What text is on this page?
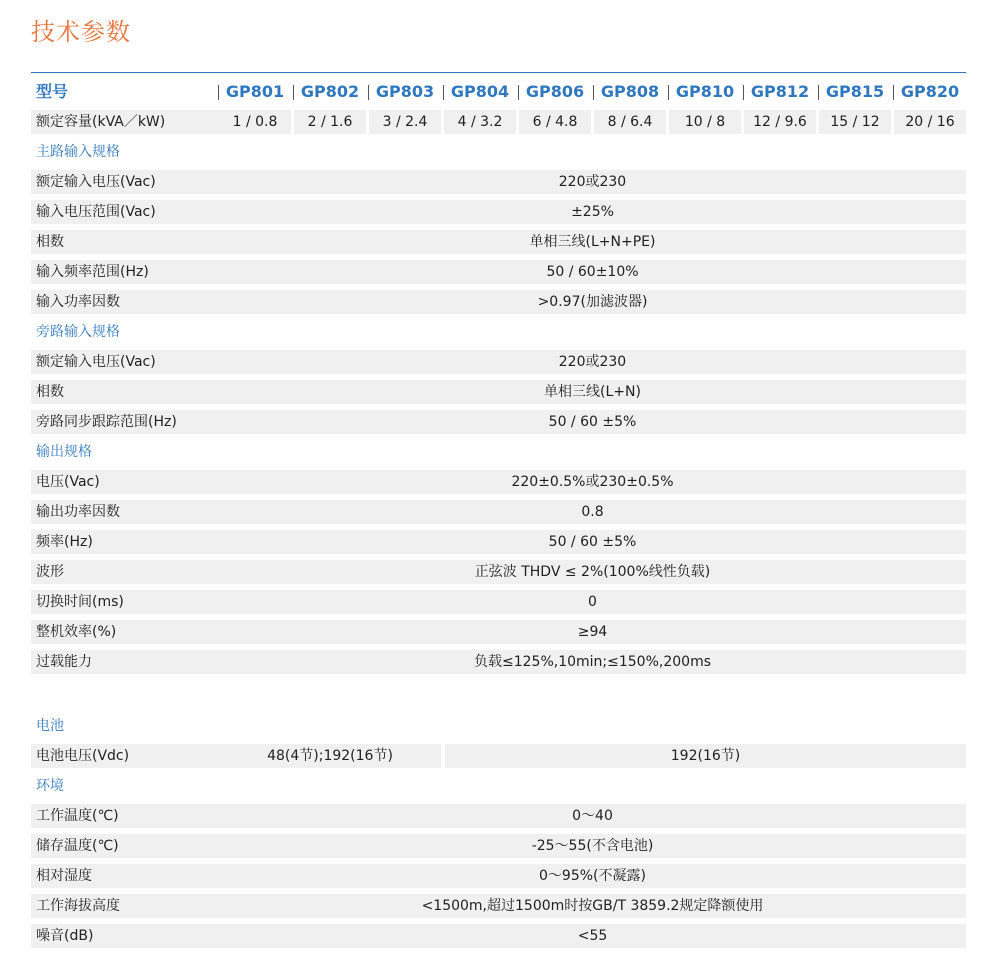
技术参数
型号	GP801	GP802	GP803	GP804	GP806	GP808	GP810	GP812	GP815	GP820
额定容量(kVA／kW)	1 / 0.8	2 / 1.6	3 / 2.4	4 / 3.2	6 / 4.8	8 / 6.4	10 / 8	12 / 9.6	15 / 12	20 / 16
主路输入规格
额定输入电压(Vac)	220或230
输入电压范围(Vac)	±25%
相数	单相三线(L+N+PE)
输入频率范围(Hz)	50 / 60±10%
输入功率因数	>0.97(加滤波器)
旁路输入规格
额定输入电压(Vac)	220或230
相数	单相三线(L+N)
旁路同步跟踪范围(Hz)	50 / 60 ±5%
输出规格
电压(Vac)	220±0.5%或230±0.5%
输出功率因数	0.8
频率(Hz)	50 / 60 ±5%
波形	正弦波 THDV ≤ 2%(100%线性负载)
切换时间(ms)	0
整机效率(%)	≥94
过载能力	负载≤125%,10min;≤150%,200ms
电池
电池电压(Vdc)	48(4节);192(16节)	192(16节)
环境
工作温度(℃)	0～40
储存温度(℃)	-25～55(不含电池)
相对湿度	0～95%(不凝露)
工作海拔高度	<1500m,超过1500m时按GB/T 3859.2规定降额使用
噪音(dB)	<55
